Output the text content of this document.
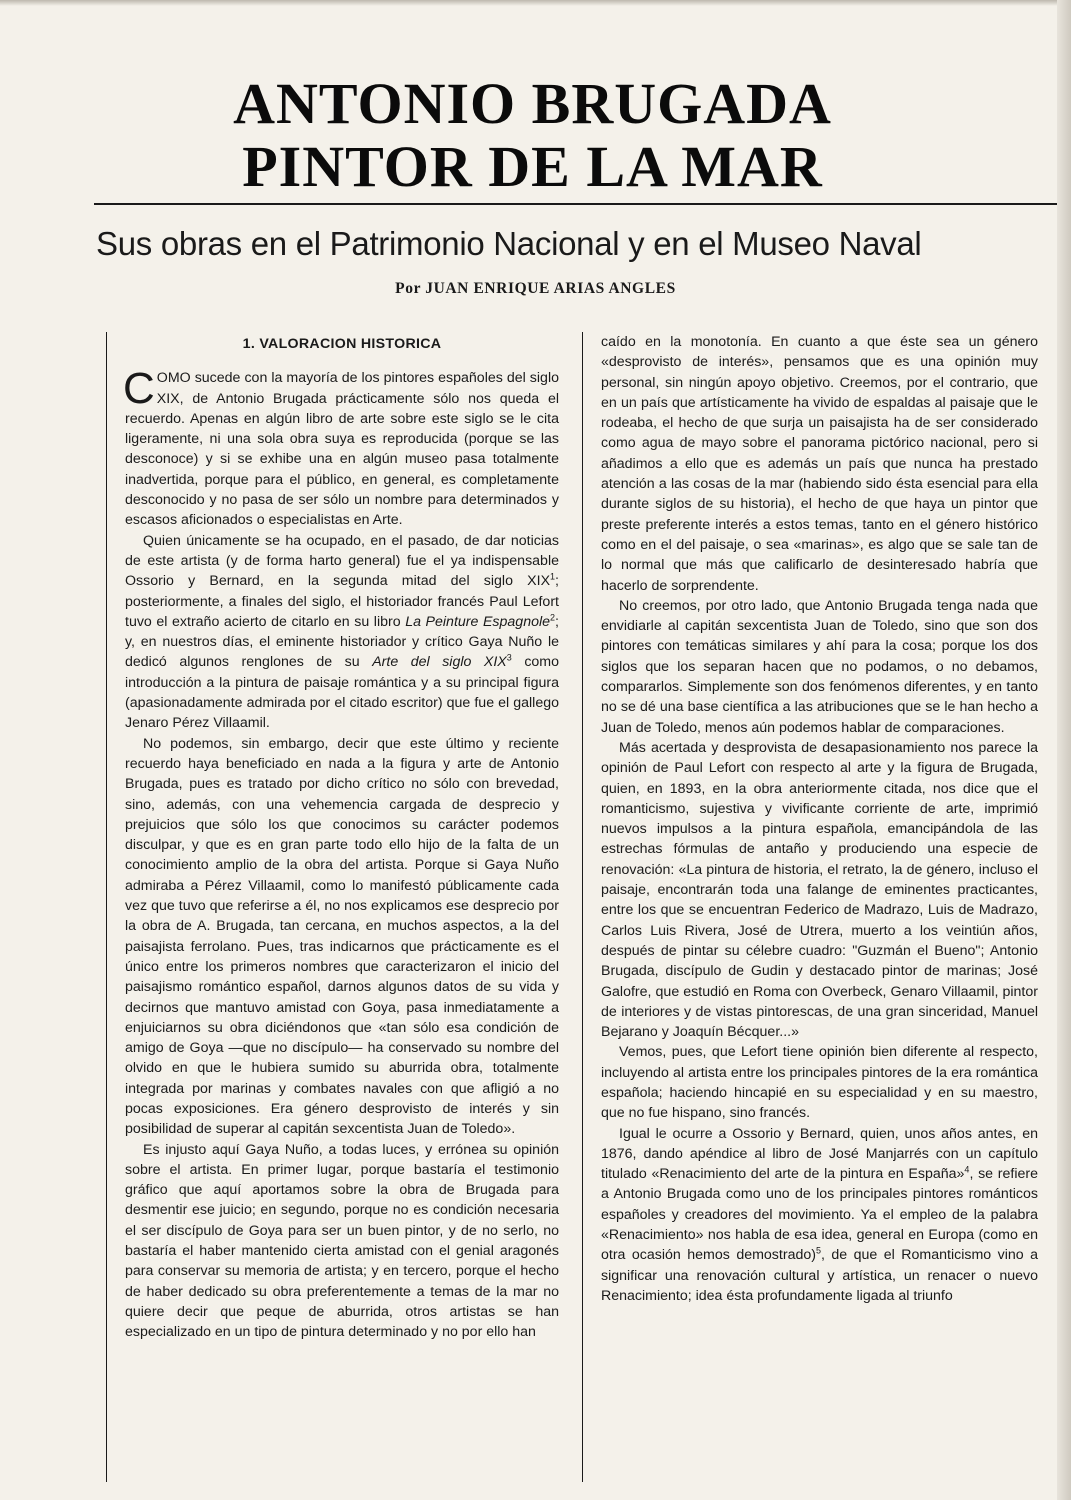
ANTONIO BRUGADA
PINTOR DE LA MAR
Sus obras en el Patrimonio Nacional y en el Museo Naval
Por JUAN ENRIQUE ARIAS ANGLES
1. VALORACION HISTORICA

COMO sucede con la mayoría de los pintores españoles del siglo XIX, de Antonio Brugada prácticamente sólo nos queda el recuerdo. Apenas en algún libro de arte sobre este siglo se le cita ligeramente, ni una sola obra suya es reproducida (porque se las desconoce) y si se exhibe una en algún museo pasa totalmente inadvertida, porque para el público, en general, es completamente desconocido y no pasa de ser sólo un nombre para determinados y escasos aficionados o especialistas en Arte.

Quien únicamente se ha ocupado, en el pasado, de dar noticias de este artista (y de forma harto general) fue el ya indispensable Ossorio y Bernard, en la segunda mitad del siglo XIX$^1$; posteriormente, a finales del siglo, el historiador francés Paul Lefort tuvo el extraño acierto de citarlo en su libro La Peinture Espagnole$^2$; y, en nuestros días, el eminente historiador y crítico Gaya Nuño le dedicó algunos renglones de su Arte del siglo XIX$^3$ como introducción a la pintura de paisaje romántica y a su principal figura (apasionadamente admirada por el citado escritor) que fue el gallego Jenaro Pérez Villaamil.

No podemos, sin embargo, decir que este último y reciente recuerdo haya beneficiado en nada a la figura y arte de Antonio Brugada, pues es tratado por dicho crítico no sólo con brevedad, sino, además, con una vehemencia cargada de desprecio y prejuicios que sólo los que conocimos su carácter podemos disculpar, y que es en gran parte todo ello hijo de la falta de un conocimiento amplio de la obra del artista. Porque si Gaya Nuño admiraba a Pérez Villaamil, como lo manifestó públicamente cada vez que tuvo que referirse a él, no nos explicamos ese desprecio por la obra de A. Brugada, tan cercana, en muchos aspectos, a la del paisajista ferrolano. Pues, tras indicarnos que prácticamente es el único entre los primeros nombres que caracterizaron el inicio del paisajismo romántico español, darnos algunos datos de su vida y decirnos que mantuvo amistad con Goya, pasa inmediatamente a enjuiciarnos su obra diciéndonos que «tan sólo esa condición de amigo de Goya —que no discípulo— ha conservado su nombre del olvido en que le hubiera sumido su aburrida obra, totalmente integrada por marinas y combates navales con que afligió a no pocas exposiciones. Era género desprovisto de interés y sin posibilidad de superar al capitán sexcentista Juan de Toledo».

Es injusto aquí Gaya Nuño, a todas luces, y errónea su opinión sobre el artista. En primer lugar, porque bastaría el testimonio gráfico que aquí aportamos sobre la obra de Brugada para desmentir ese juicio; en segundo, porque no es condición necesaria el ser discípulo de Goya para ser un buen pintor, y de no serlo, no bastaría el haber mantenido cierta amistad con el genial aragonés para conservar su memoria de artista; y en tercero, porque el hecho de haber dedicado su obra preferentemente a temas de la mar no quiere decir que peque de aburrida, otros artistas se han especializado en un tipo de pintura determinado y no por ello han

caído en la monotonía. En cuanto a que éste sea un género «desprovisto de interés», pensamos que es una opinión muy personal, sin ningún apoyo objetivo. Creemos, por el contrario, que en un país que artísticamente ha vivido de espaldas al paisaje que le rodeaba, el hecho de que surja un paisajista ha de ser considerado como agua de mayo sobre el panorama pictórico nacional, pero si añadimos a ello que es además un país que nunca ha prestado atención a las cosas de la mar (habiendo sido ésta esencial para ella durante siglos de su historia), el hecho de que haya un pintor que preste preferente interés a estos temas, tanto en el género histórico como en el del paisaje, o sea «marinas», es algo que se sale tan de lo normal que más que calificarlo de desinteresado habría que hacerlo de sorprendente.

No creemos, por otro lado, que Antonio Brugada tenga nada que envidiarle al capitán sexcentista Juan de Toledo, sino que son dos pintores con temáticas similares y ahí para la cosa; porque los dos siglos que los separan hacen que no podamos, o no debamos, compararlos. Simplemente son dos fenómenos diferentes, y en tanto no se dé una base científica a las atribuciones que se le han hecho a Juan de Toledo, menos aún podemos hablar de comparaciones.

Más acertada y desprovista de desapasionamiento nos parece la opinión de Paul Lefort con respecto al arte y la figura de Brugada, quien, en 1893, en la obra anteriormente citada, nos dice que el romanticismo, sujestiva y vivificante corriente de arte, imprimió nuevos impulsos a la pintura española, emancipándola de las estrechas fórmulas de antaño y produciendo una especie de renovación: «La pintura de historia, el retrato, la de género, incluso el paisaje, encontrarán toda una falange de eminentes practicantes, entre los que se encuentran Federico de Madrazo, Luis de Madrazo, Carlos Luis Rivera, José de Utrera, muerto a los veintiún años, después de pintar su célebre cuadro: "Guzmán el Bueno"; Antonio Brugada, discípulo de Gudin y destacado pintor de marinas; José Galofre, que estudió en Roma con Overbeck, Genaro Villaamil, pintor de interiores y de vistas pintorescas, de una gran sinceridad, Manuel Bejarano y Joaquín Bécquer...»

Vemos, pues, que Lefort tiene opinión bien diferente al respecto, incluyendo al artista entre los principales pintores de la era romántica española; haciendo hincapié en su especialidad y en su maestro, que no fue hispano, sino francés.

Igual le ocurre a Ossorio y Bernard, quien, unos años antes, en 1876, dando apéndice al libro de José Manjarrés con un capítulo titulado «Renacimiento del arte de la pintura en España»$^4$, se refiere a Antonio Brugada como uno de los principales pintores románticos españoles y creadores del movimiento. Ya el empleo de la palabra «Renacimiento» nos habla de esa idea, general en Europa (como en otra ocasión hemos demostrado)$^5$, de que el Romanticismo vino a significar una renovación cultural y artística, un renacer o nuevo Renacimiento; idea ésta profundamente ligada al triunfo
